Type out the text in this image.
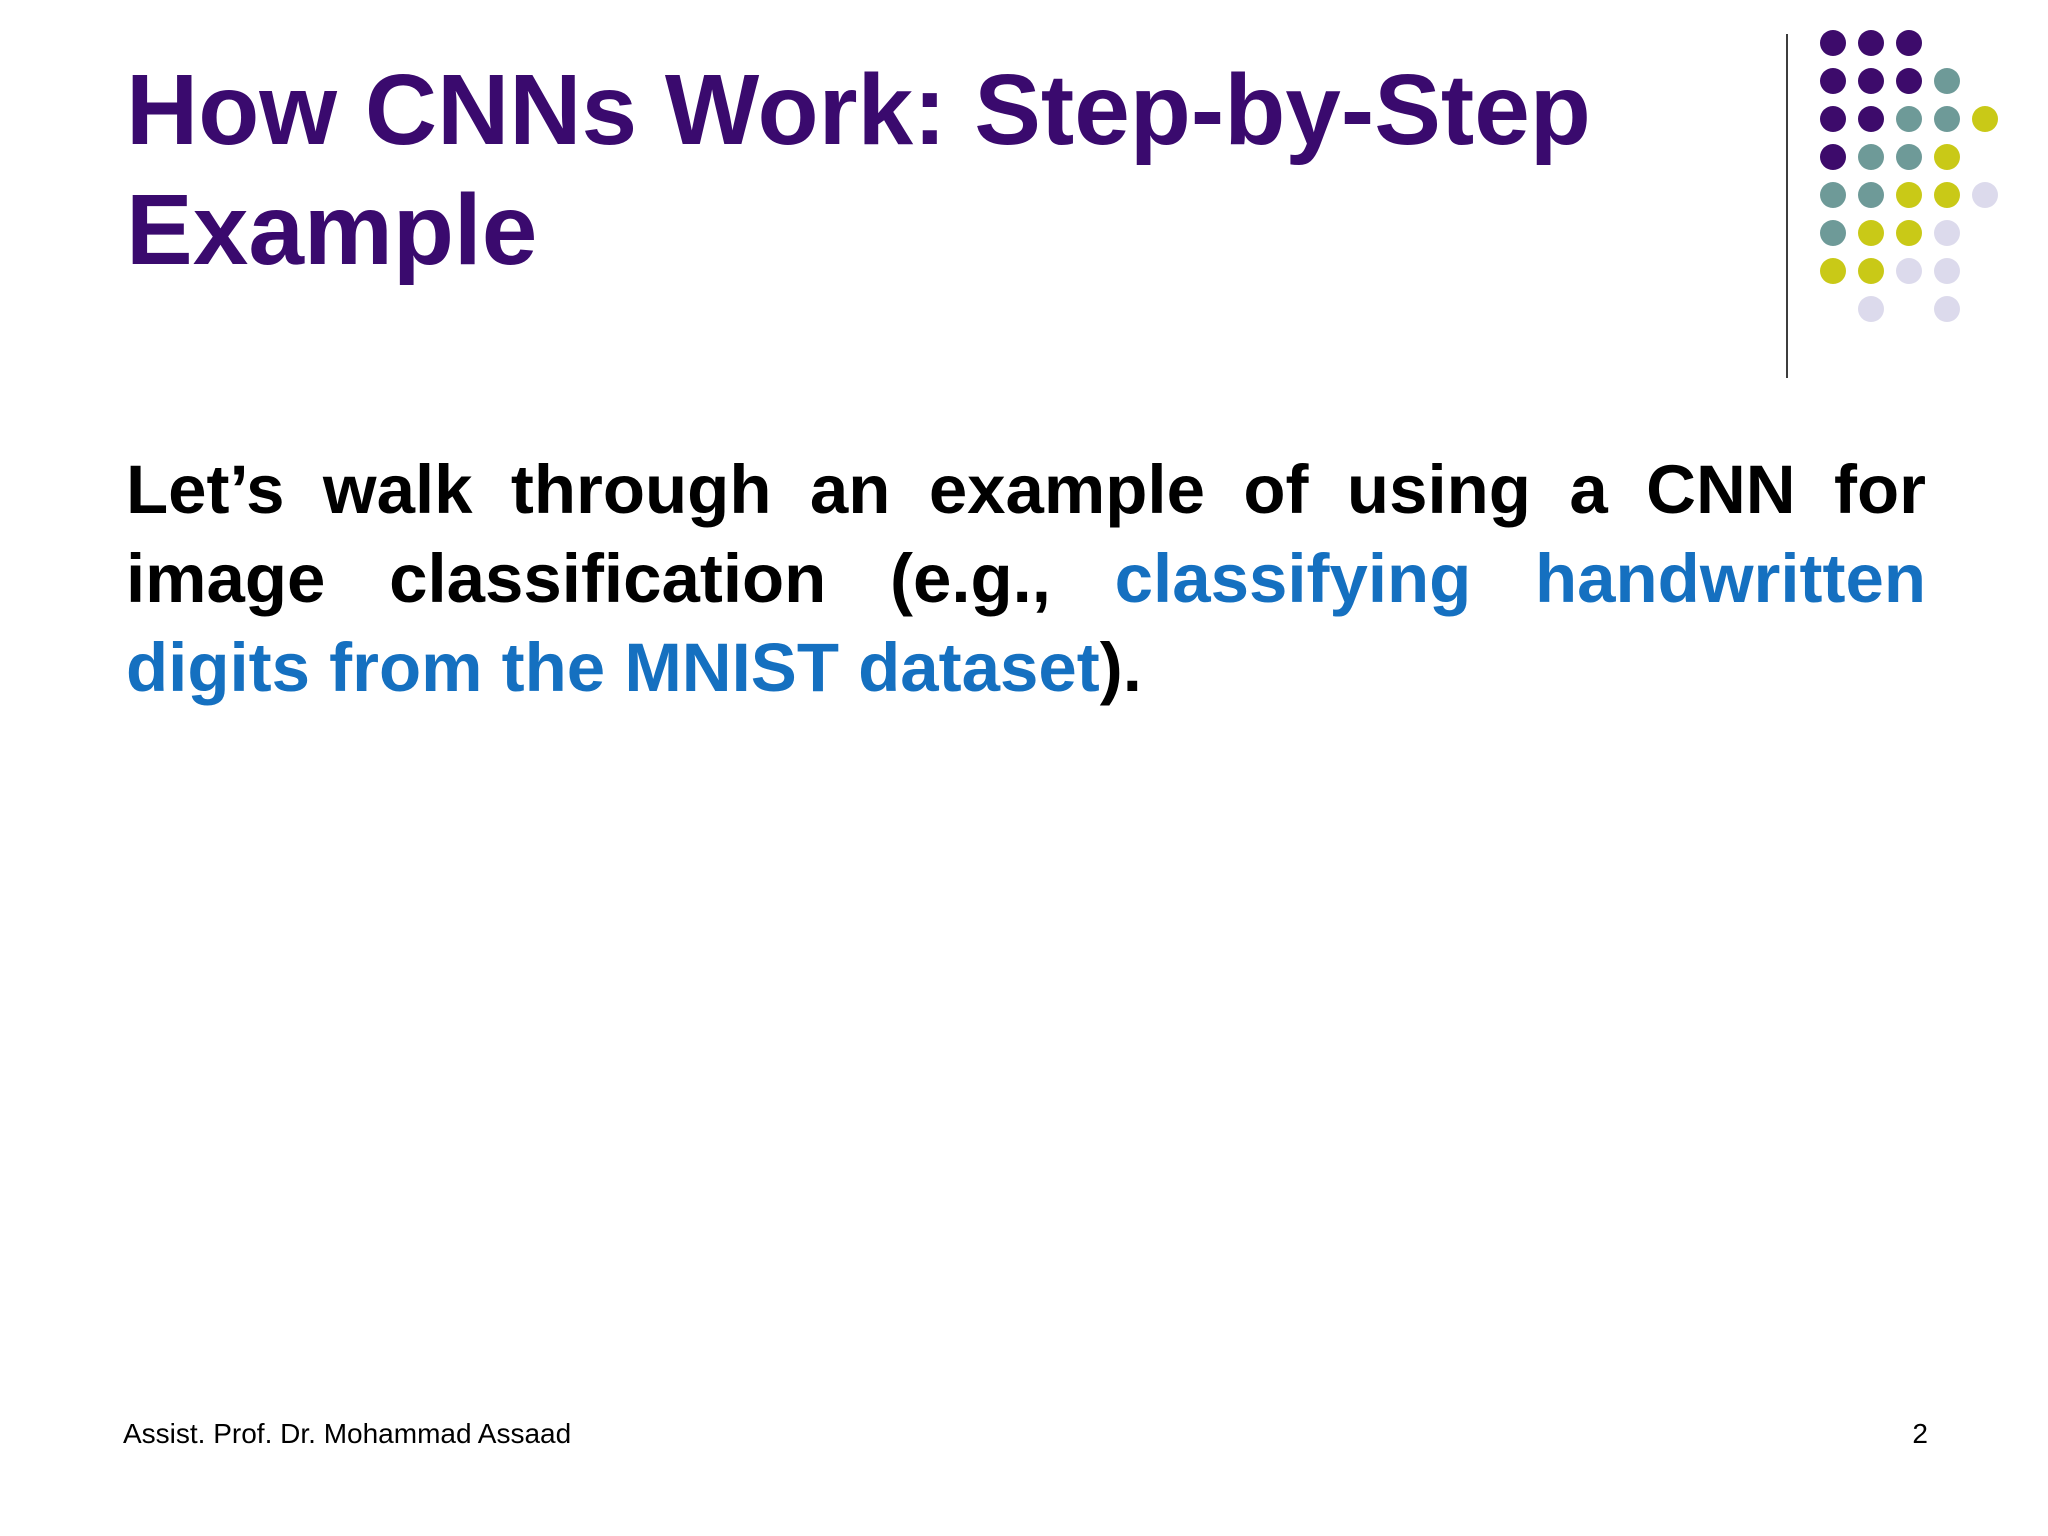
How CNNs Work: Step-by-Step Example

Let’s walk through an example of using a CNN for image classification (e.g., classifying handwritten digits from the MNIST dataset).

Assist. Prof. Dr. Mohammad Assaad	2
